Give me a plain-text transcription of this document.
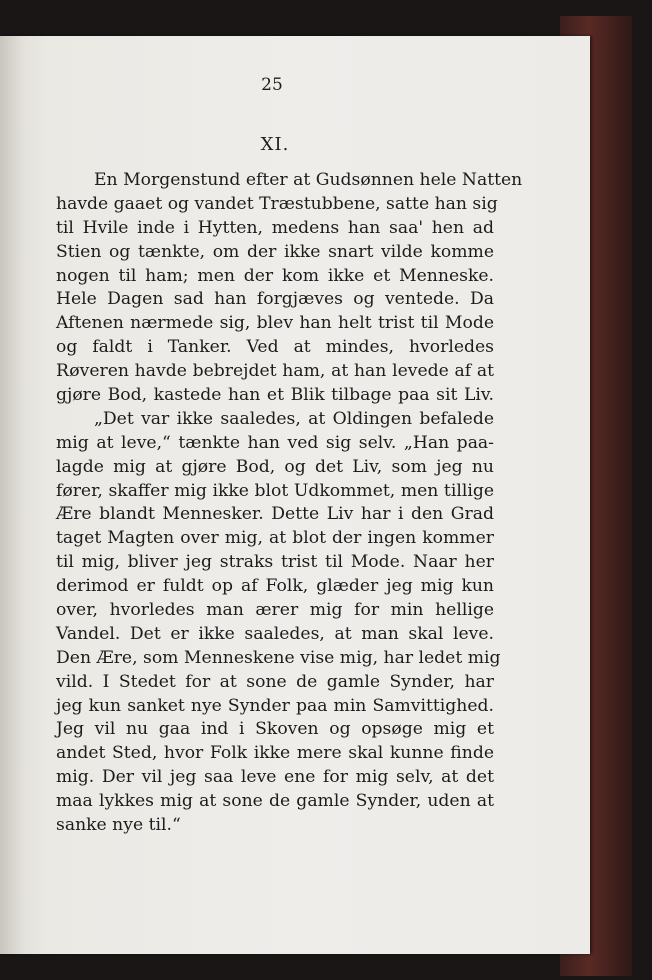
25
XI.
En Morgenstund efter at Gudsønnen hele Natten
havde gaaet og vandet Træstubbene, satte han sig
til Hvile inde i Hytten, medens han saa' hen ad
Stien og tænkte, om der ikke snart vilde komme
nogen til ham; men der kom ikke et Menneske.
Hele Dagen sad han forgjæves og ventede. Da
Aftenen nærmede sig, blev han helt trist til Mode
og faldt i Tanker. Ved at mindes, hvorledes
Røveren havde bebrejdet ham, at han levede af at
gjøre Bod, kastede han et Blik tilbage paa sit Liv.
„Det var ikke saaledes, at Oldingen befalede
mig at leve,“ tænkte han ved sig selv. „Han paa-
lagde mig at gjøre Bod, og det Liv, som jeg nu
fører, skaffer mig ikke blot Udkommet, men tillige
Ære blandt Mennesker. Dette Liv har i den Grad
taget Magten over mig, at blot der ingen kommer
til mig, bliver jeg straks trist til Mode. Naar her
derimod er fuldt op af Folk, glæder jeg mig kun
over, hvorledes man ærer mig for min hellige
Vandel. Det er ikke saaledes, at man skal leve.
Den Ære, som Menneskene vise mig, har ledet mig
vild. I Stedet for at sone de gamle Synder, har
jeg kun sanket nye Synder paa min Samvittighed.
Jeg vil nu gaa ind i Skoven og opsøge mig et
andet Sted, hvor Folk ikke mere skal kunne finde
mig. Der vil jeg saa leve ene for mig selv, at det
maa lykkes mig at sone de gamle Synder, uden at
sanke nye til.“
